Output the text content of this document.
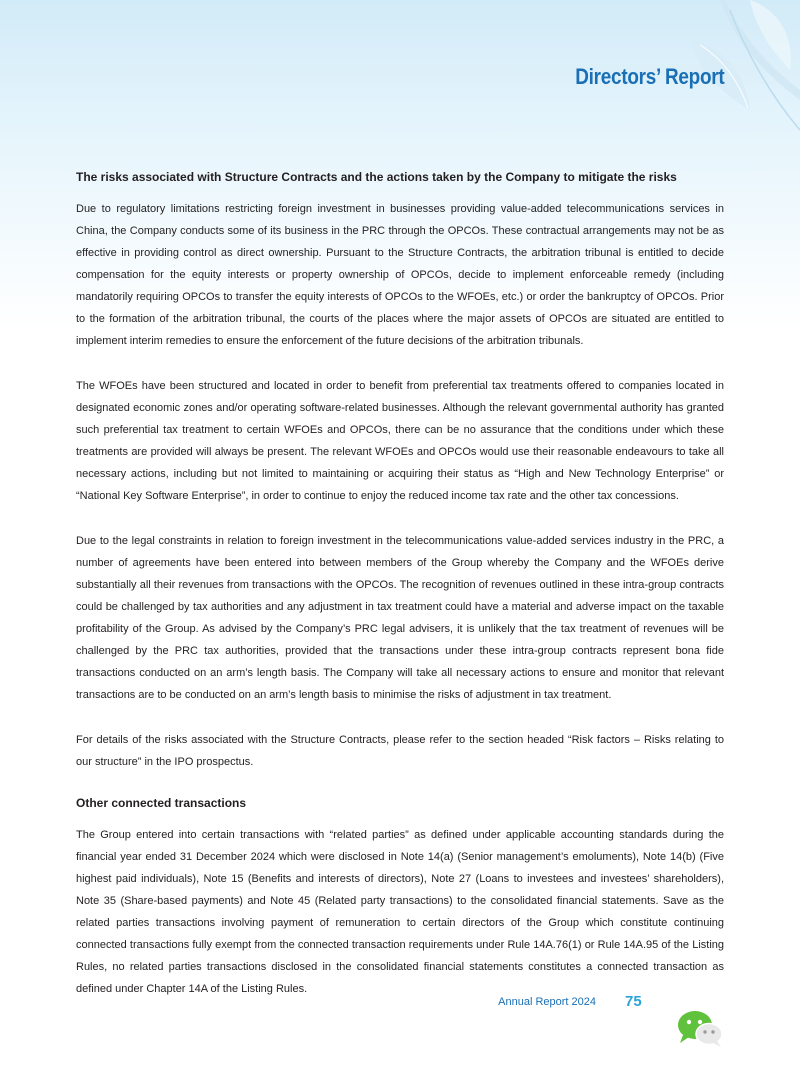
Directors’ Report
The risks associated with Structure Contracts and the actions taken by the Company to mitigate the risks

Due to regulatory limitations restricting foreign investment in businesses providing value-added telecommunications services in China, the Company conducts some of its business in the PRC through the OPCOs. These contractual arrangements may not be as effective in providing control as direct ownership. Pursuant to the Structure Contracts, the arbitration tribunal is entitled to decide compensation for the equity interests or property ownership of OPCOs, decide to implement enforceable remedy (including mandatorily requiring OPCOs to transfer the equity interests of OPCOs to the WFOEs, etc.) or order the bankruptcy of OPCOs. Prior to the formation of the arbitration tribunal, the courts of the places where the major assets of OPCOs are situated are entitled to implement interim remedies to ensure the enforcement of the future decisions of the arbitration tribunals.

The WFOEs have been structured and located in order to benefit from preferential tax treatments offered to companies located in designated economic zones and/or operating software-related businesses. Although the relevant governmental authority has granted such preferential tax treatment to certain WFOEs and OPCOs, there can be no assurance that the conditions under which these treatments are provided will always be present. The relevant WFOEs and OPCOs would use their reasonable endeavours to take all necessary actions, including but not limited to maintaining or acquiring their status as “High and New Technology Enterprise” or “National Key Software Enterprise”, in order to continue to enjoy the reduced income tax rate and the other tax concessions.

Due to the legal constraints in relation to foreign investment in the telecommunications value-added services industry in the PRC, a number of agreements have been entered into between members of the Group whereby the Company and the WFOEs derive substantially all their revenues from transactions with the OPCOs. The recognition of revenues outlined in these intra-group contracts could be challenged by tax authorities and any adjustment in tax treatment could have a material and adverse impact on the taxable profitability of the Group. As advised by the Company’s PRC legal advisers, it is unlikely that the tax treatment of revenues will be challenged by the PRC tax authorities, provided that the transactions under these intra-group contracts represent bona fide transactions conducted on an arm’s length basis. The Company will take all necessary actions to ensure and monitor that relevant transactions are to be conducted on an arm’s length basis to minimise the risks of adjustment in tax treatment.

For details of the risks associated with the Structure Contracts, please refer to the section headed “Risk factors – Risks relating to our structure” in the IPO prospectus.

Other connected transactions

The Group entered into certain transactions with “related parties” as defined under applicable accounting standards during the financial year ended 31 December 2024 which were disclosed in Note 14(a) (Senior management’s emoluments), Note 14(b) (Five highest paid individuals), Note 15 (Benefits and interests of directors), Note 27 (Loans to investees and investees’ shareholders), Note 35 (Share-based payments) and Note 45 (Related party transactions) to the consolidated financial statements. Save as the related parties transactions involving payment of remuneration to certain directors of the Group which constitute continuing connected transactions fully exempt from the connected transaction requirements under Rule 14A.76(1) or Rule 14A.95 of the Listing Rules, no related parties transactions disclosed in the consolidated financial statements constitutes a connected transaction as defined under Chapter 14A of the Listing Rules.

Annual Report 2024 75
